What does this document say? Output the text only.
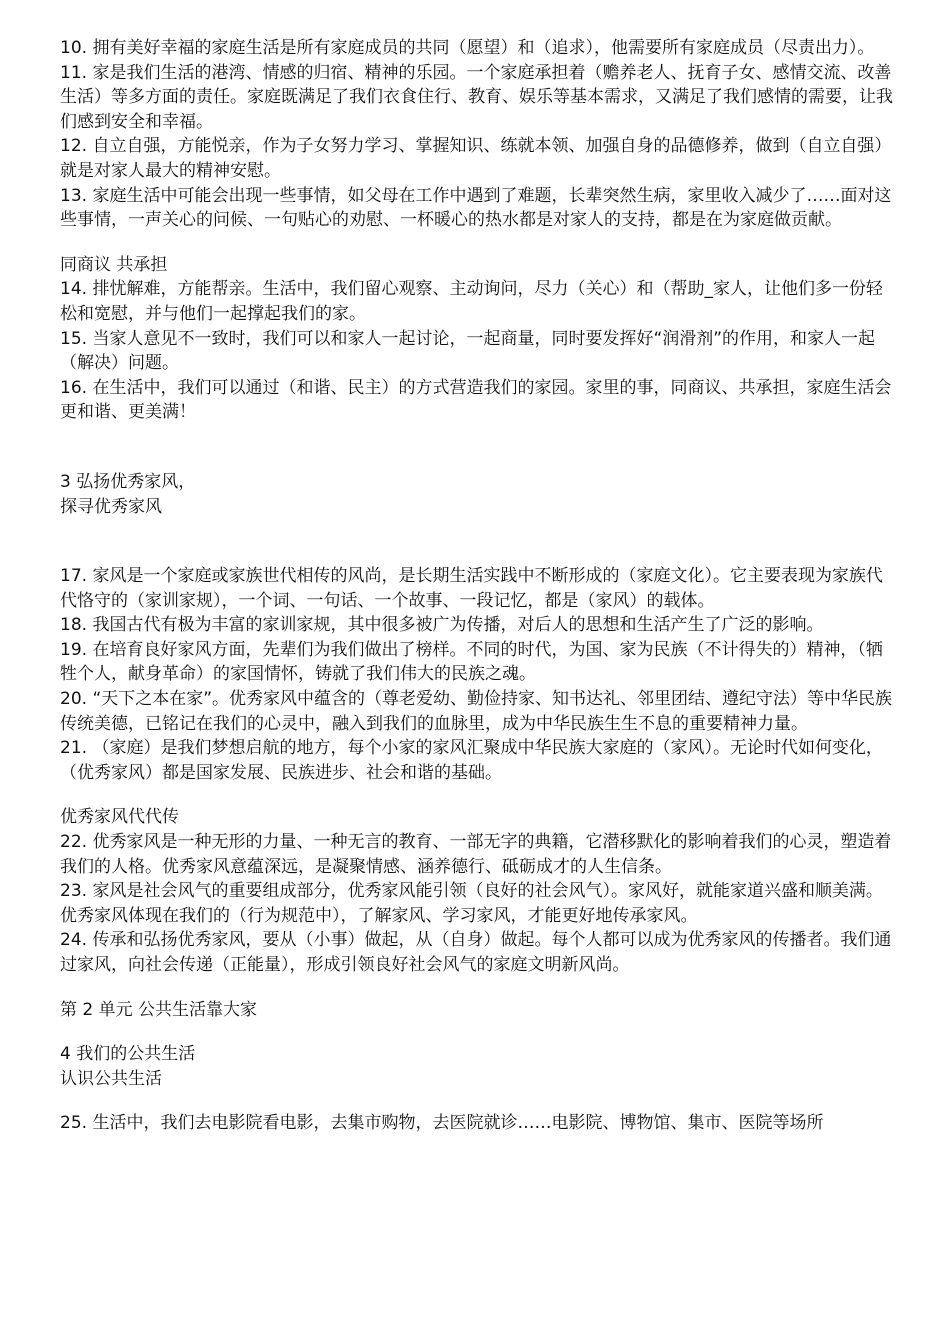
10. 拥有美好幸福的家庭生活是所有家庭成员的共同（愿望）和（追求），他需要所有家庭成员（尽责出力）。

11. 家是我们生活的港湾、情感的归宿、精神的乐园。一个家庭承担着（赡养老人、抚育子女、感情交流、改善生活）等多方面的责任。家庭既满足了我们衣食住行、教育、娱乐等基本需求，又满足了我们感情的需要，让我们感到安全和幸福。

12. 自立自强，方能悦亲，作为子女努力学习、掌握知识、练就本领、加强自身的品德修养，做到（自立自强）就是对家人最大的精神安慰。

13. 家庭生活中可能会出现一些事情，如父母在工作中遇到了难题，长辈突然生病，家里收入减少了……面对这些事情，一声关心的问候、一句贴心的劝慰、一杯暖心的热水都是对家人的支持，都是在为家庭做贡献。

同商议 共承担

14. 排忧解难，方能帮亲。生活中，我们留心观察、主动询问，尽力（关心）和（帮助_家人，让他们多一份轻松和宽慰，并与他们一起撑起我们的家。

15. 当家人意见不一致时，我们可以和家人一起讨论，一起商量，同时要发挥好“润滑剂”的作用，和家人一起（解决）问题。

16. 在生活中，我们可以通过（和谐、民主）的方式营造我们的家园。家里的事，同商议、共承担，家庭生活会更和谐、更美满！

3 弘扬优秀家风，

探寻优秀家风

17. 家风是一个家庭或家族世代相传的风尚，是长期生活实践中不断形成的（家庭文化）。它主要表现为家族代代恪守的（家训家规），一个词、一句话、一个故事、一段记忆，都是（家风）的载体。

18. 我国古代有极为丰富的家训家规，其中很多被广为传播，对后人的思想和生活产生了广泛的影响。

19. 在培育良好家风方面，先辈们为我们做出了榜样。不同的时代，为国、家为民族（不计得失的）精神，（牺牲个人，献身革命）的家国情怀，铸就了我们伟大的民族之魂。

20. “天下之本在家”。优秀家风中蕴含的（尊老爱幼、勤俭持家、知书达礼、邻里团结、遵纪守法）等中华民族传统美德，已铭记在我们的心灵中，融入到我们的血脉里，成为中华民族生生不息的重要精神力量。

21. （家庭）是我们梦想启航的地方，每个小家的家风汇聚成中华民族大家庭的（家风）。无论时代如何变化，（优秀家风）都是国家发展、民族进步、社会和谐的基础。

优秀家风代代传

22. 优秀家风是一种无形的力量、一种无言的教育、一部无字的典籍，它潜移默化的影响着我们的心灵，塑造着我们的人格。优秀家风意蕴深远，是凝聚情感、涵养德行、砥砺成才的人生信条。

23. 家风是社会风气的重要组成部分，优秀家风能引领（良好的社会风气）。家风好，就能家道兴盛和顺美满。优秀家风体现在我们的（行为规范中），了解家风、学习家风，才能更好地传承家风。

24. 传承和弘扬优秀家风，要从（小事）做起，从（自身）做起。每个人都可以成为优秀家风的传播者。我们通过家风，向社会传递（正能量），形成引领良好社会风气的家庭文明新风尚。

第 2 单元 公共生活靠大家

4 我们的公共生活

认识公共生活

25. 生活中，我们去电影院看电影，去集市购物，去医院就诊……电影院、博物馆、集市、医院等场所
